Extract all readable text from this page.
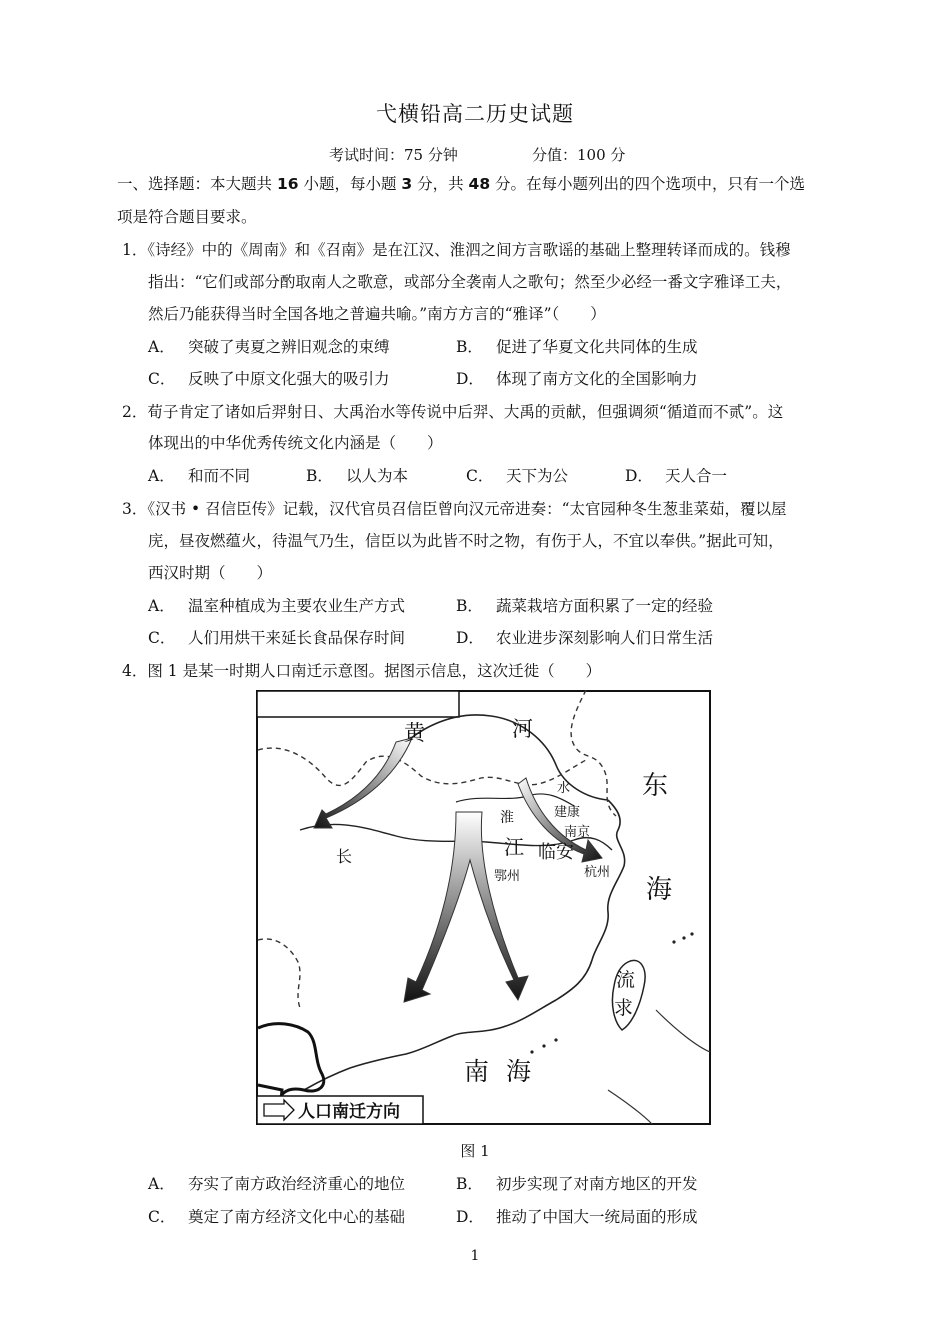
弋横铅高二历史试题
考试时间：75 分钟	分值：100 分
一、选择题：本大题共 16 小题，每小题 3 分，共 48 分。在每小题列出的四个选项中，只有一个选
项是符合题目要求。
1．《诗经》中的《周南》和《召南》是在江汉、淮泗之间方言歌谣的基础上整理转译而成的。钱穆
指出：“它们或部分酌取南人之歌意，或部分全袭南人之歌句；然至少必经一番文字雅译工夫，
然后乃能获得当时全国各地之普遍共喻。”南方方言的“雅译”（　　）
A． 突破了夷夏之辨旧观念的束缚	B． 促进了华夏文化共同体的生成
C． 反映了中原文化强大的吸引力	D． 体现了南方文化的全国影响力
2．荀子肯定了诸如后羿射日、大禹治水等传说中后羿、大禹的贡献，但强调须“循道而不贰”。这
体现出的中华优秀传统文化内涵是（　　）
A． 和而不同	B． 以人为本	C． 天下为公	D． 天人合一
3．《汉书 • 召信臣传》记载，汉代官员召信臣曾向汉元帝进奏：“太官园种冬生葱韭菜茹，覆以屋
庑，昼夜燃蕴火，待温气乃生，信臣以为此皆不时之物，有伤于人，不宜以奉供。”据此可知，
西汉时期（　　）
A． 温室种植成为主要农业生产方式	B． 蔬菜栽培方面积累了一定的经验
C． 人们用烘干来延长食品保存时间	D． 农业进步深刻影响人们日常生活
4．图 1 是某一时期人口南迁示意图。据图示信息，这次迁徙（　　）
黄	河
东
海
水
淮	建康
南京
长	江 临安
鄂州	杭州
流
求
南 海
人口南迁方向
图 1
A． 夯实了南方政治经济重心的地位	B． 初步实现了对南方地区的开发
C． 奠定了南方经济文化中心的基础	D． 推动了中国大一统局面的形成
1
